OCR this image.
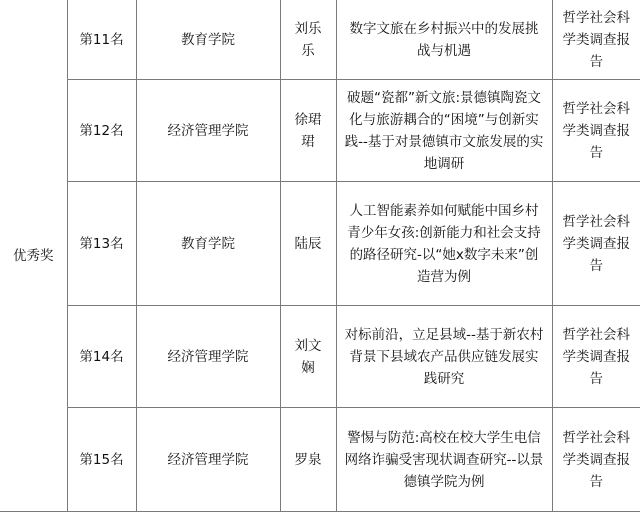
优秀奖	第11名	教育学院	刘乐乐	数字文旅在乡村振兴中的发展挑战与机遇	哲学社会科学类调查报告
	第12名	经济管理学院	徐珺珺	破题“瓷都”新文旅:景德镇陶瓷文化与旅游耦合的“困境”与创新实践--基于对景德镇市文旅发展的实地调研	哲学社会科学类调查报告
	第13名	教育学院	陆辰	人工智能素养如何赋能中国乡村青少年女孩:创新能力和社会支持的路径研究-以“她x数字未来”创造营为例	哲学社会科学类调查报告
	第14名	经济管理学院	刘文娴	对标前沿，立足县域--基于新农村背景下县域农产品供应链发展实践研究	哲学社会科学类调查报告
	第15名	经济管理学院	罗泉	警惕与防范:高校在校大学生电信网络诈骗受害现状调查研究--以景德镇学院为例	哲学社会科学类调查报告
